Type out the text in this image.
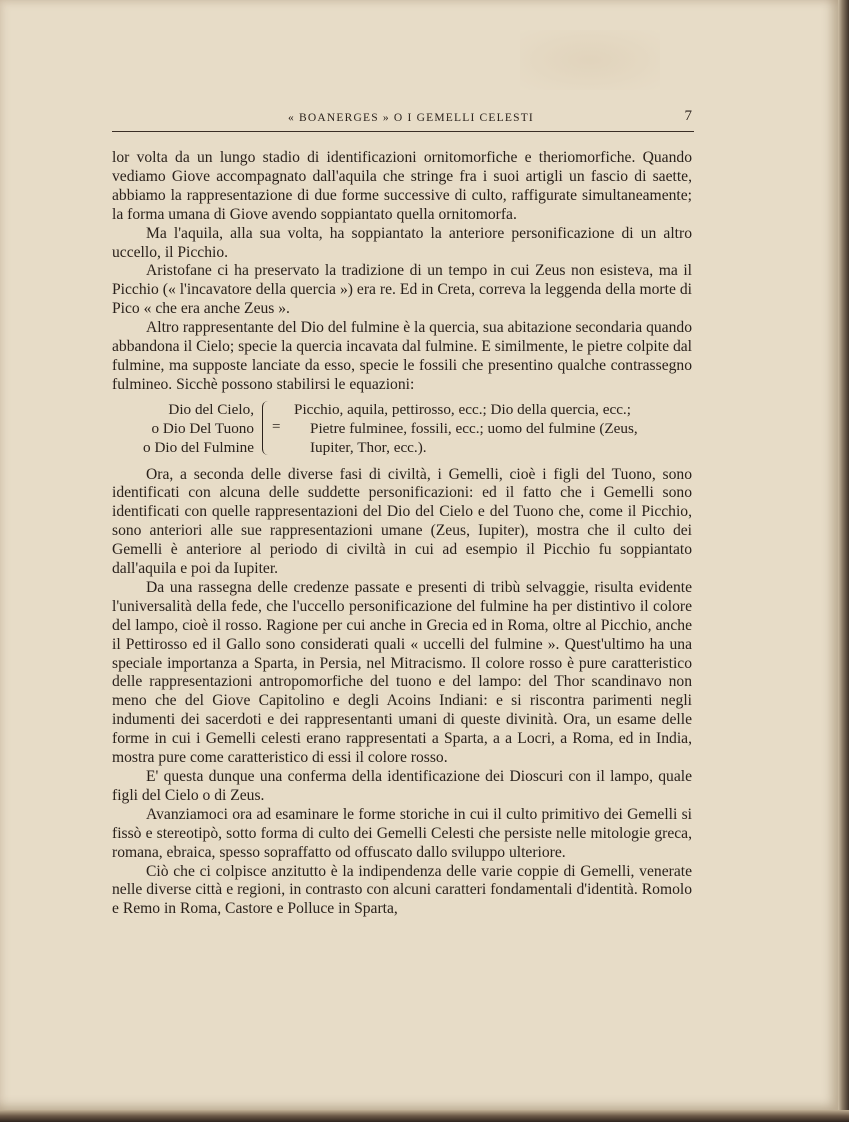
« BOANERGES » O I GEMELLI CELESTI	7

lor volta da un lungo stadio di identificazioni ornitomorfiche e theriomorfiche. Quando vediamo Giove accompagnato dall'aquila che stringe fra i suoi artigli un fascio di saette, abbiamo la rappresentazione di due forme successive di culto, raffigurate simultaneamente; la forma umana di Giove avendo soppiantato quella ornitomorfa.

Ma l'aquila, alla sua volta, ha soppiantato la anteriore personificazione di un altro uccello, il Picchio.

Aristofane ci ha preservato la tradizione di un tempo in cui Zeus non esisteva, ma il Picchio (« l'incavatore della quercia ») era re. Ed in Creta, correva la leggenda della morte di Pico « che era anche Zeus ».

Altro rappresentante del Dio del fulmine è la quercia, sua abitazione secondaria quando abbandona il Cielo; specie la quercia incavata dal fulmine. E similmente, le pietre colpite dal fulmine, ma supposte lanciate da esso, specie le fossili che presentino qualche contrassegno fulmineo. Sicchè possono stabilirsi le equazioni:

Dio del Cielo,
o Dio Del Tuono
o Dio del Fulmine
=
Picchio, aquila, pettirosso, ecc.; Dio della quercia, ecc.;
Pietre fulminee, fossili, ecc.; uomo del fulmine (Zeus,
Iupiter, Thor, ecc.).

Ora, a seconda delle diverse fasi di civiltà, i Gemelli, cioè i figli del Tuono, sono identificati con alcuna delle suddette personificazioni: ed il fatto che i Gemelli sono identificati con quelle rappresentazioni del Dio del Cielo e del Tuono che, come il Picchio, sono anteriori alle sue rappresentazioni umane (Zeus, Iupiter), mostra che il culto dei Gemelli è anteriore al periodo di civiltà in cui ad esempio il Picchio fu soppiantato dall'aquila e poi da Iupiter.

Da una rassegna delle credenze passate e presenti di tribù selvaggie, risulta evidente l'universalità della fede, che l'uccello personificazione del fulmine ha per distintivo il colore del lampo, cioè il rosso. Ragione per cui anche in Grecia ed in Roma, oltre al Picchio, anche il Pettirosso ed il Gallo sono considerati quali « uccelli del fulmine ». Quest'ultimo ha una speciale importanza a Sparta, in Persia, nel Mitracismo. Il colore rosso è pure caratteristico delle rappresentazioni antropomorfiche del tuono e del lampo: del Thor scandinavo non meno che del Giove Capitolino e degli Acoins Indiani: e si riscontra parimenti negli indumenti dei sacerdoti e dei rappresentanti umani di queste divinità. Ora, un esame delle forme in cui i Gemelli celesti erano rappresentati a Sparta, a a Locri, a Roma, ed in India, mostra pure come caratteristico di essi il colore rosso.

E' questa dunque una conferma della identificazione dei Dioscuri con il lampo, quale figli del Cielo o di Zeus.

Avanziamoci ora ad esaminare le forme storiche in cui il culto primitivo dei Gemelli si fissò e stereotipò, sotto forma di culto dei Gemelli Celesti che persiste nelle mitologie greca, romana, ebraica, spesso sopraffatto od offuscato dallo sviluppo ulteriore.

Ciò che ci colpisce anzitutto è la indipendenza delle varie coppie di Gemelli, venerate nelle diverse città e regioni, in contrasto con alcuni caratteri fondamentali d'identità. Romolo e Remo in Roma, Castore e Polluce in Sparta,
